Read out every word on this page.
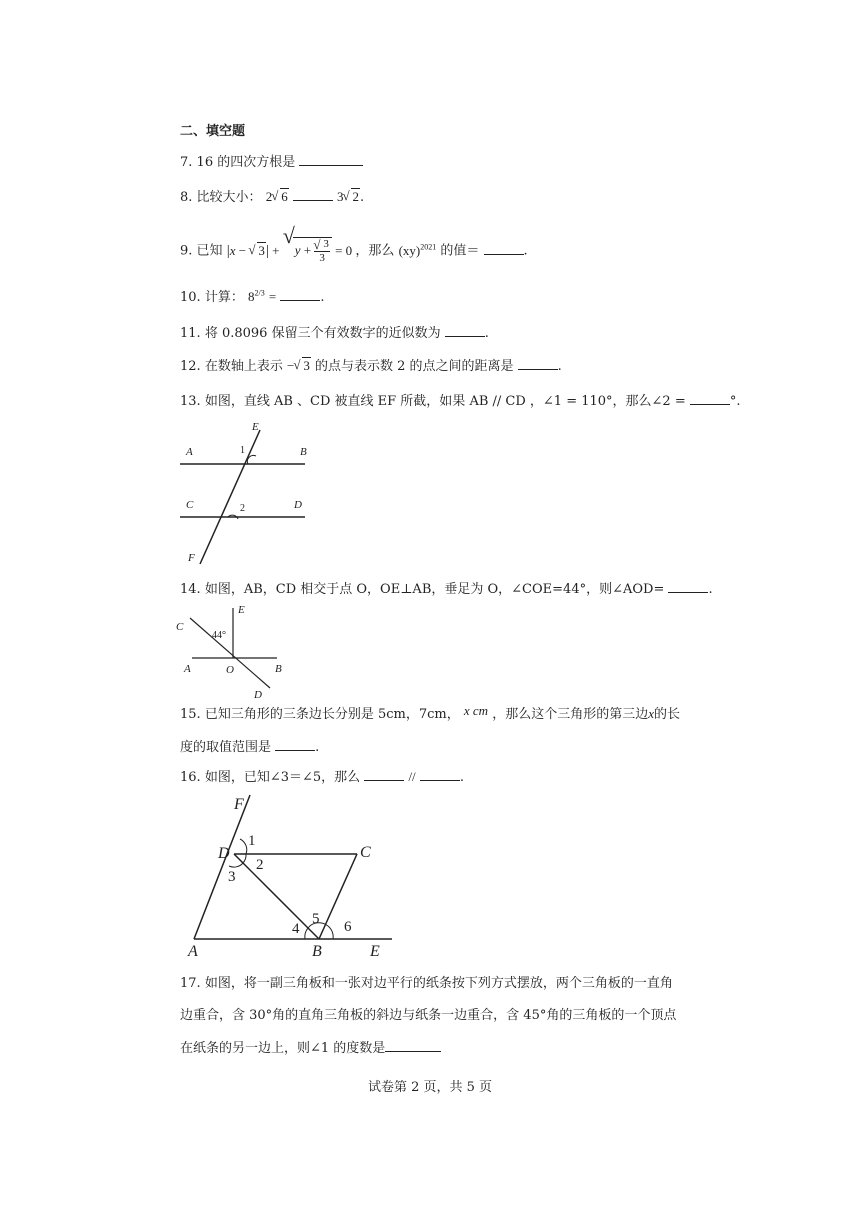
二、填空题
7. 16 的四次方根是
8. 比较大小： 2 √ 6	3 √ 2.
9. 已知 |x − √ 3| +
√
y + √ $\frac{3}{3} = 0$ ，那么 (xy)$^{2021}$ 的值＝	.
10. 计算： $8^{2/3}$ =	.
11. 将 0.8096 保留三个有效数字的近似数为	.
12. 在数轴上表示 − √ 3 的点与表示数 2 的点之间的距离是	.
13. 如图，直线 AB 、CD 被直线 EF 所截，如果 AB // CD ，∠1 = 110°，那么∠2 =	°.
E
A	1	B
C	2	D
F
14. 如图，AB，CD 相交于点 O，OE⊥AB，垂足为 O，∠COE=44°，则∠AOD=	.
E
C
44°
A	O	B
D
15. 已知三角形的三条边长分别是 5cm，7cm， x cm ，那么这个三角形的第三边x的长
度的取值范围是	.
16. 如图，已知∠3＝∠5，那么	//	.
F
1
D
2
3
C
5 6
4
A	B	E
17. 如图，将一副三角板和一张对边平行的纸条按下列方式摆放，两个三角板的一直角
边重合，含 30°角的直角三角板的斜边与纸条一边重合，含 45°角的三角板的一个顶点
在纸条的另一边上，则∠1 的度数是
试卷第 2 页，共 5 页
